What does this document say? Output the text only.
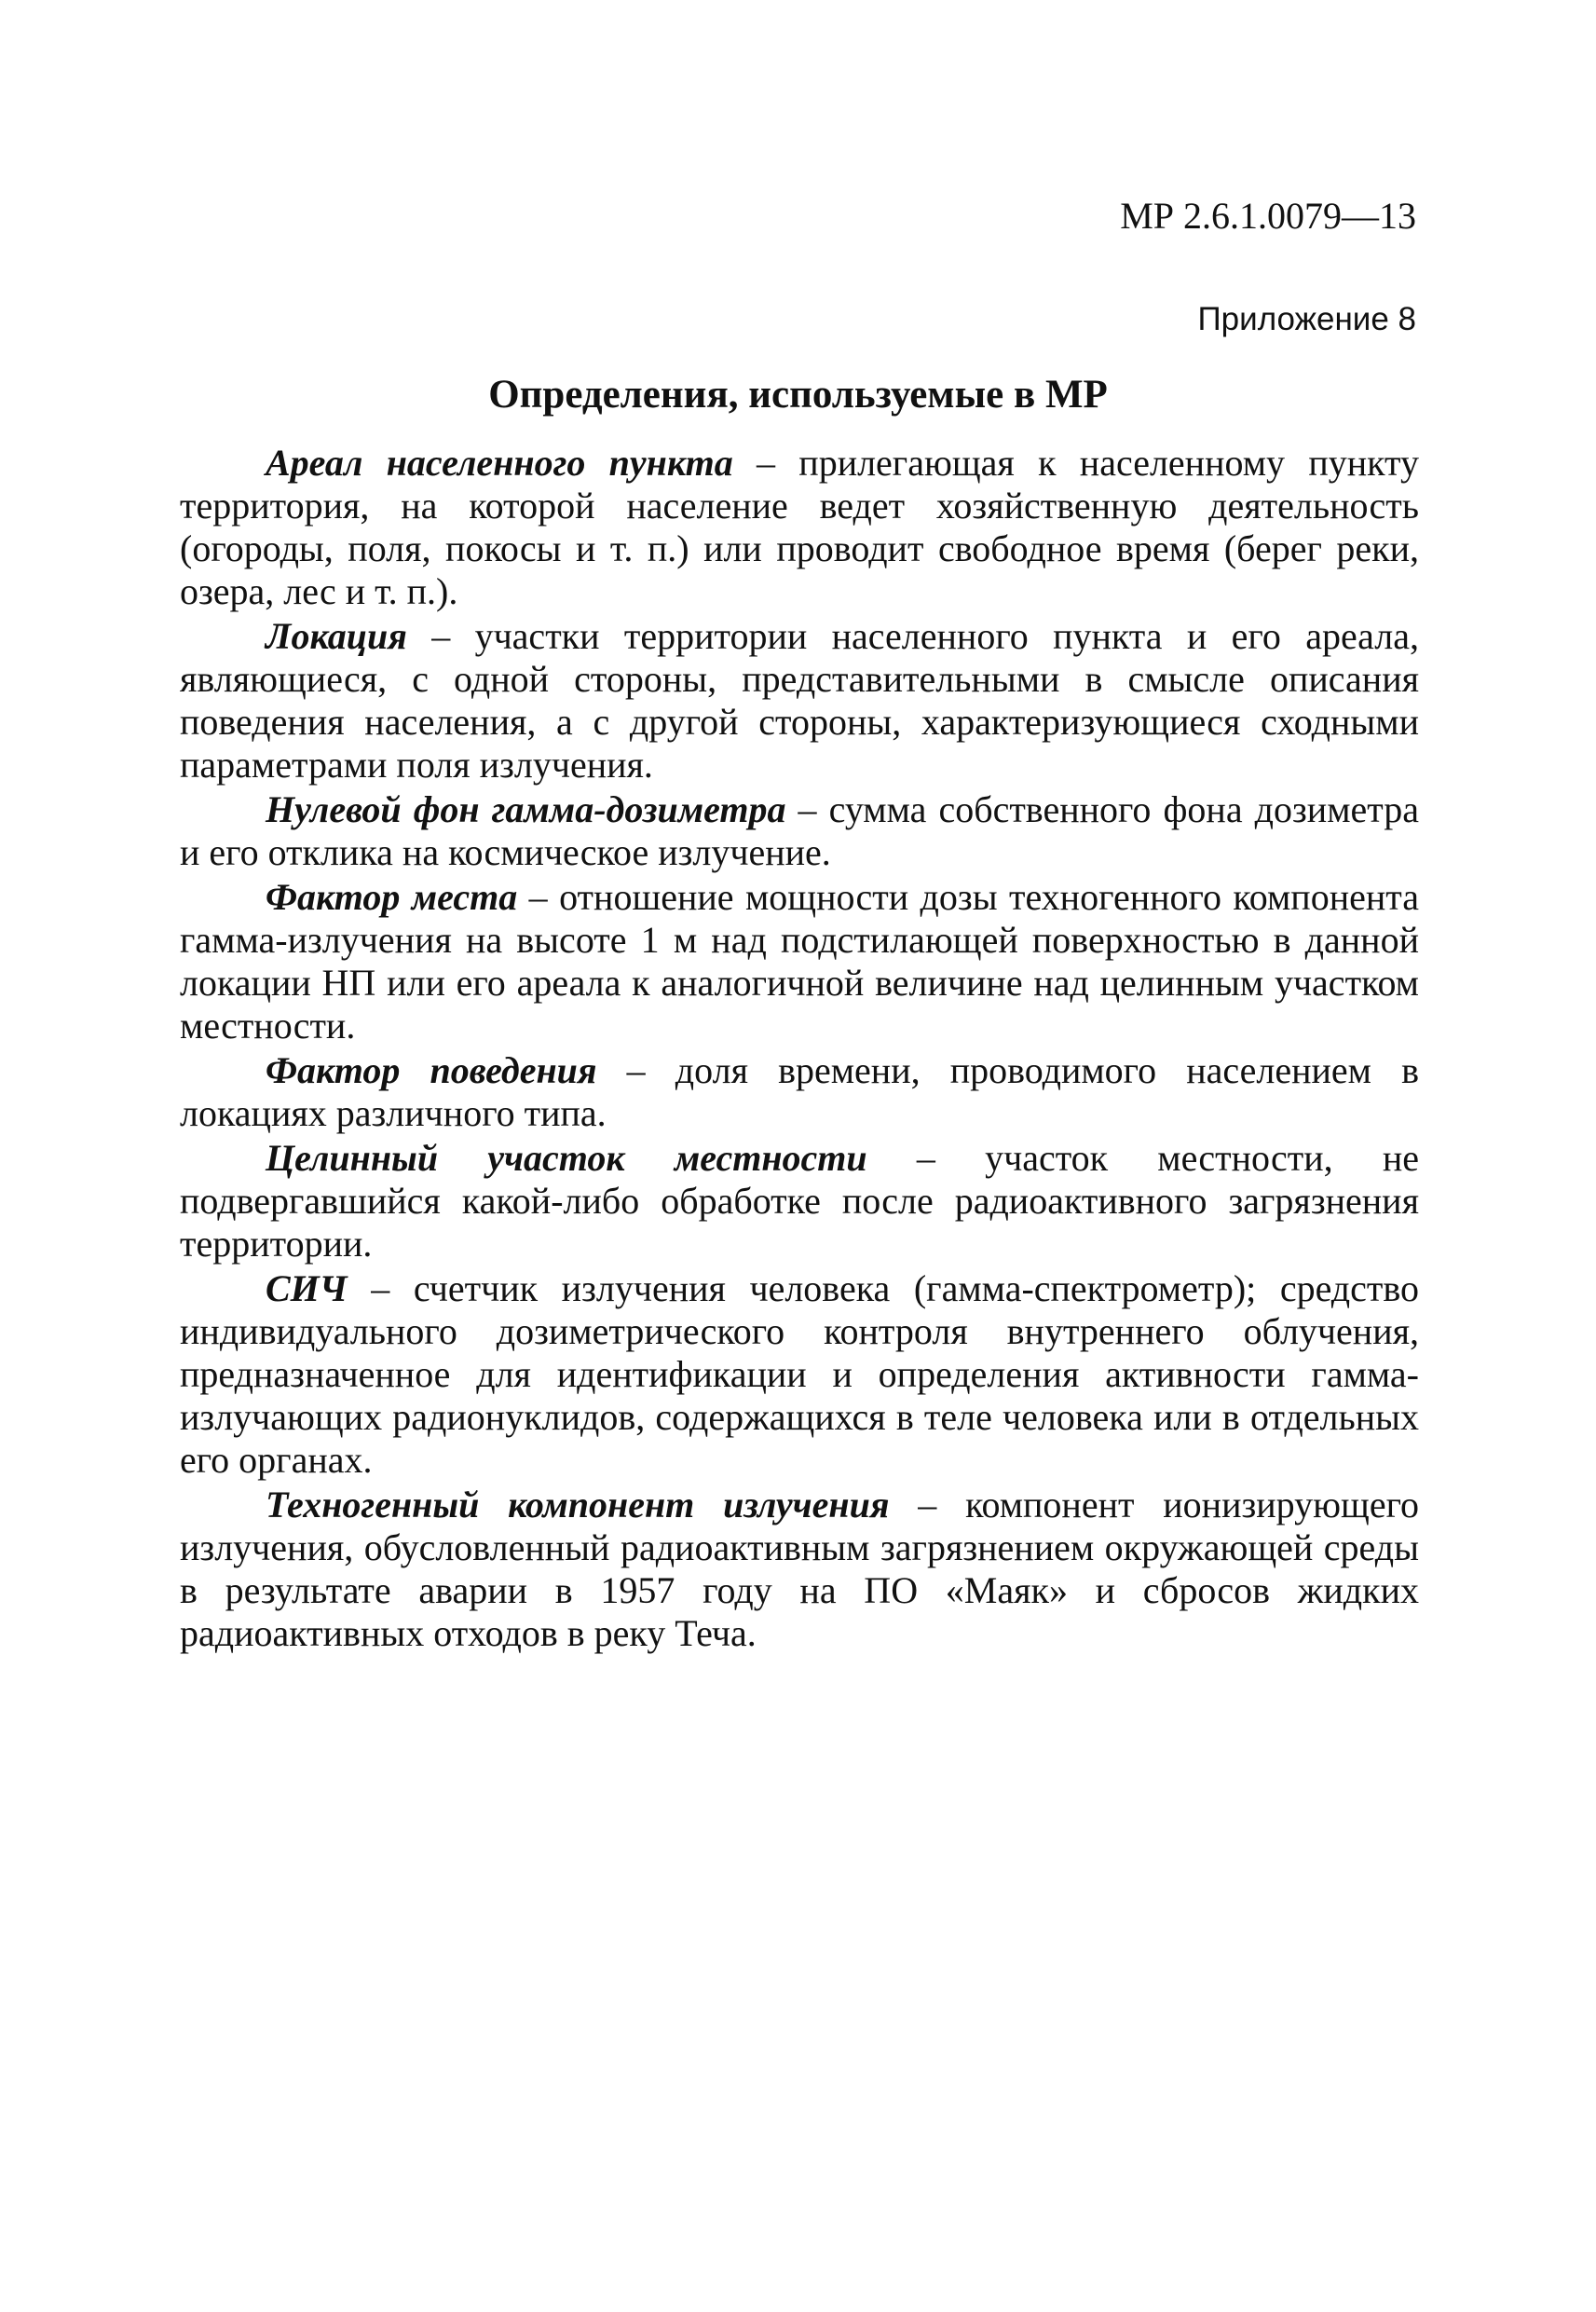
МР 2.6.1.0079—13
Приложение 8
Определения, используемые в МР

Ареал населенного пункта – прилегающая к населенному пункту территория, на которой население ведет хозяйственную деятельность (огороды, поля, покосы и т. п.) или проводит свободное время (берег реки, озера, лес и т. п.).

Локация – участки территории населенного пункта и его ареала, являющиеся, с одной стороны, представительными в смысле описания поведения населения, а с другой стороны, характеризующиеся сходными параметрами поля излучения.

Нулевой фон гамма-дозиметра – сумма собственного фона дозиметра и его отклика на космическое излучение.

Фактор места – отношение мощности дозы техногенного компонента гамма-излучения на высоте 1 м над подстилающей поверхностью в данной локации НП или его ареала к аналогичной величине над целинным участком местности.

Фактор поведения – доля времени, проводимого населением в локациях различного типа.

Целинный участок местности – участок местности, не подвергавшийся какой-либо обработке после радиоактивного загрязнения территории.

СИЧ – счетчик излучения человека (гамма-спектрометр); средство индивидуального дозиметрического контроля внутреннего облучения, предназначенное для идентификации и определения активности гамма-излучающих радионуклидов, содержащихся в теле человека или в отдельных его органах.

Техногенный компонент излучения – компонент ионизирующего излучения, обусловленный радиоактивным загрязнением окружающей среды в результате аварии в 1957 году на ПО «Маяк» и сбросов жидких радиоактивных отходов в реку Теча.
